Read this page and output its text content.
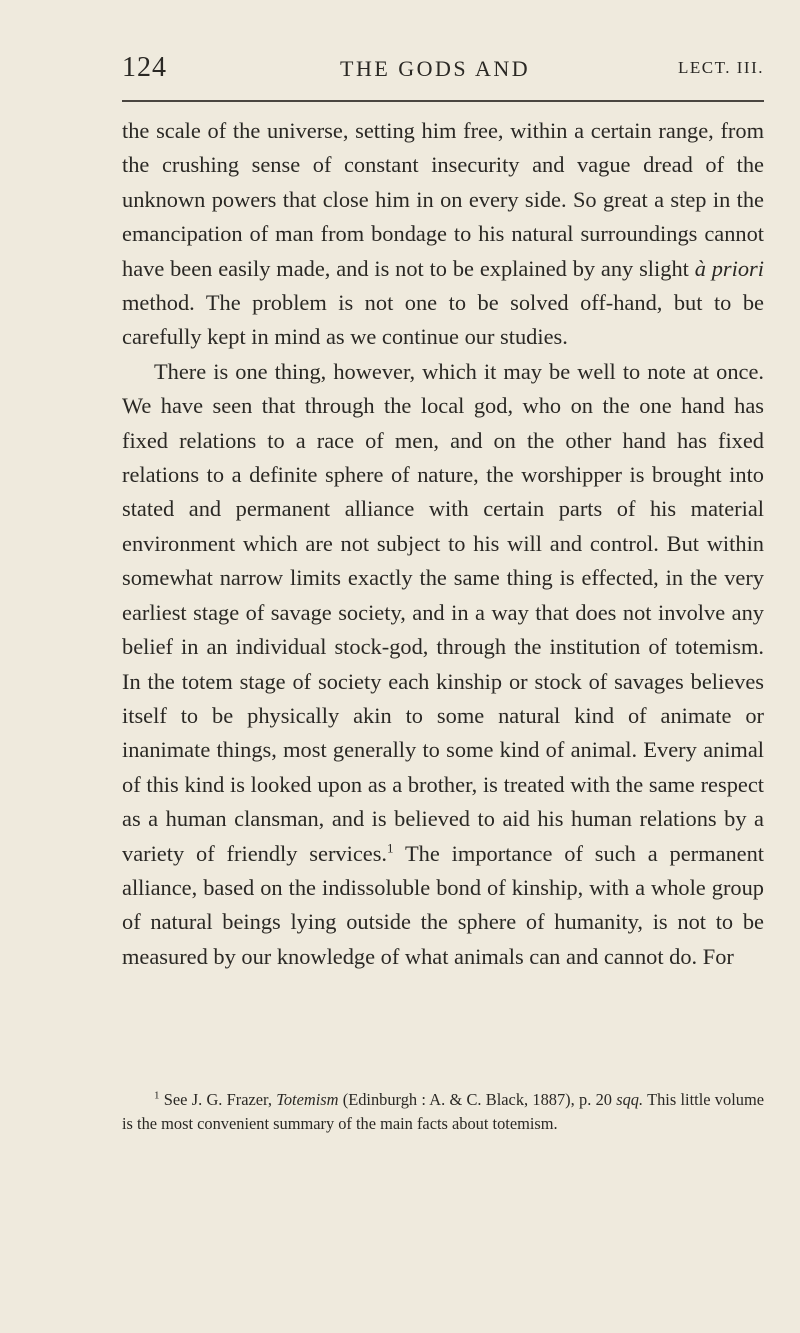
124	THE GODS AND	LECT. III.

the scale of the universe, setting him free, within a certain range, from the crushing sense of constant insecurity and vague dread of the unknown powers that close him in on every side. So great a step in the emancipation of man from bondage to his natural surroundings cannot have been easily made, and is not to be explained by any slight à priori method. The problem is not one to be solved off-hand, but to be carefully kept in mind as we continue our studies.

There is one thing, however, which it may be well to note at once. We have seen that through the local god, who on the one hand has fixed relations to a race of men, and on the other hand has fixed relations to a definite sphere of nature, the worshipper is brought into stated and permanent alliance with certain parts of his material environment which are not subject to his will and control. But within somewhat narrow limits exactly the same thing is effected, in the very earliest stage of savage society, and in a way that does not involve any belief in an individual stock-god, through the institution of totemism. In the totem stage of society each kinship or stock of savages believes itself to be physically akin to some natural kind of animate or inanimate things, most generally to some kind of animal. Every animal of this kind is looked upon as a brother, is treated with the same respect as a human clansman, and is believed to aid his human relations by a variety of friendly services.$^1$ The importance of such a permanent alliance, based on the indissoluble bond of kinship, with a whole group of natural beings lying outside the sphere of humanity, is not to be measured by our knowledge of what animals can and cannot do. For

$^1$ See J. G. Frazer, Totemism (Edinburgh : A. & C. Black, 1887), p. 20 sqq. This little volume is the most convenient summary of the main facts about totemism.
